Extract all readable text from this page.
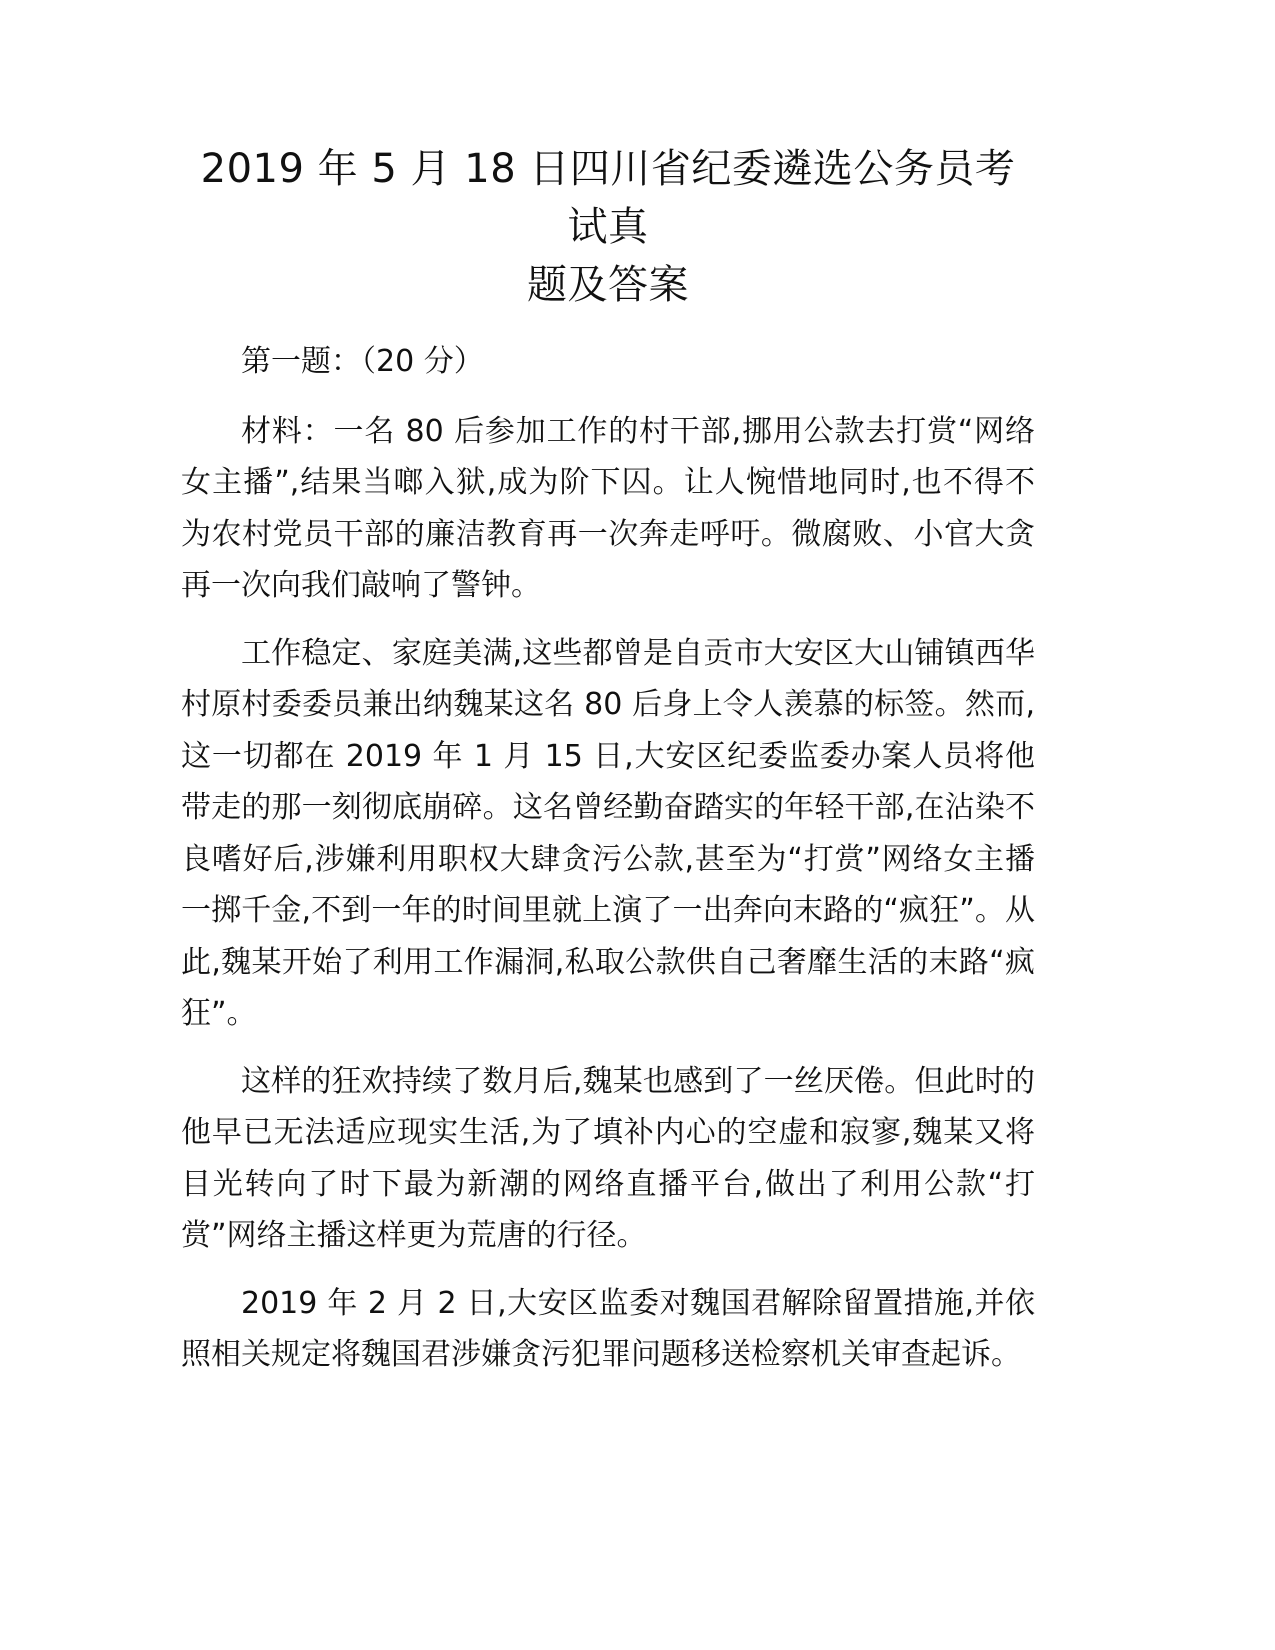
2019 年 5 月 18 日四川省纪委遴选公务员考试真
题及答案

第一题：（20 分）

材料：一名 80 后参加工作的村干部,挪用公款去打赏“网络女主播”,结果当啷入狱,成为阶下囚。让人惋惜地同时,也不得不为农村党员干部的廉洁教育再一次奔走呼吁。微腐败、小官大贪再一次向我们敲响了警钟。

工作稳定、家庭美满,这些都曾是自贡市大安区大山铺镇西华村原村委委员兼出纳魏某这名 80 后身上令人羡慕的标签。然而,这一切都在 2019 年 1 月 15 日,大安区纪委监委办案人员将他带走的那一刻彻底崩碎。这名曾经勤奋踏实的年轻干部,在沾染不良嗜好后,涉嫌利用职权大肆贪污公款,甚至为“打赏”网络女主播一掷千金,不到一年的时间里就上演了一出奔向末路的“疯狂”。从此,魏某开始了利用工作漏洞,私取公款供自己奢靡生活的末路“疯狂”。

这样的狂欢持续了数月后,魏某也感到了一丝厌倦。但此时的他早已无法适应现实生活,为了填补内心的空虚和寂寥,魏某又将目光转向了时下最为新潮的网络直播平台,做出了利用公款“打赏”网络主播这样更为荒唐的行径。

2019 年 2 月 2 日,大安区监委对魏国君解除留置措施,并依照相关规定将魏国君涉嫌贪污犯罪问题移送检察机关审查起诉。
